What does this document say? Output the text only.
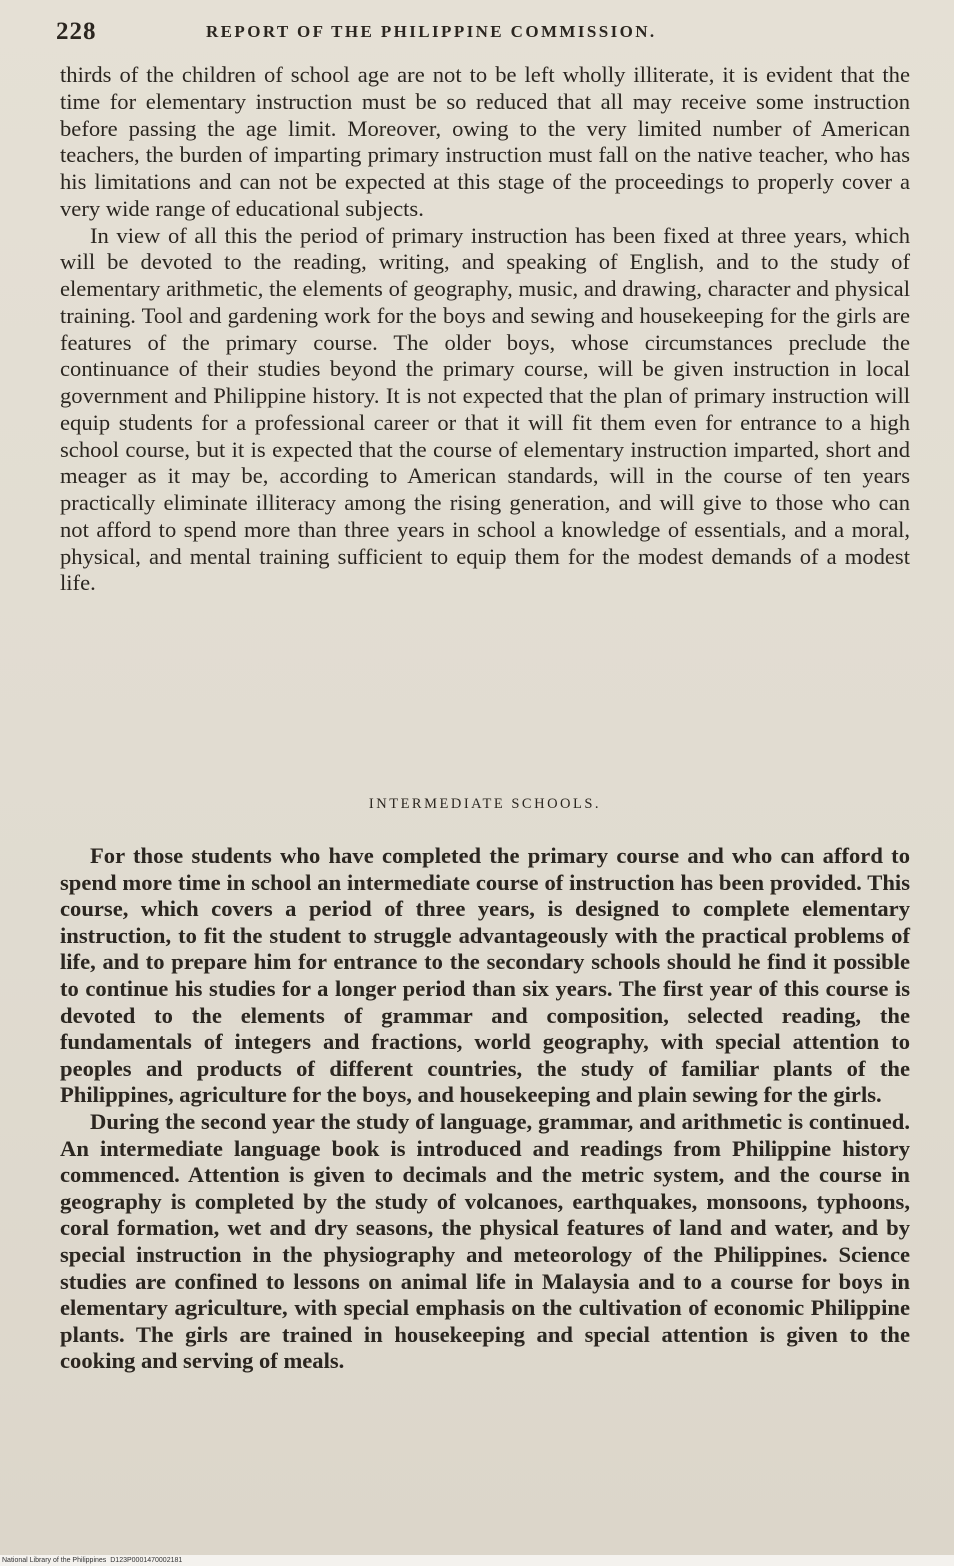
228	REPORT OF THE PHILIPPINE COMMISSION.

thirds of the children of school age are not to be left wholly illiterate, it is evident that the time for elementary instruction must be so reduced that all may receive some instruction before passing the age limit. Moreover, owing to the very limited number of American teachers, the burden of imparting primary instruction must fall on the native teacher, who has his limitations and can not be expected at this stage of the proceedings to properly cover a very wide range of educational subjects.

In view of all this the period of primary instruction has been fixed at three years, which will be devoted to the reading, writing, and speaking of English, and to the study of elementary arithmetic, the elements of geography, music, and drawing, character and physical training. Tool and gardening work for the boys and sewing and housekeeping for the girls are features of the primary course. The older boys, whose circumstances preclude the continuance of their studies beyond the primary course, will be given instruction in local government and Philippine history. It is not expected that the plan of primary instruction will equip students for a professional career or that it will fit them even for entrance to a high school course, but it is expected that the course of elementary instruction imparted, short and meager as it may be, according to American standards, will in the course of ten years practically eliminate illiteracy among the rising generation, and will give to those who can not afford to spend more than three years in school a knowledge of essentials, and a moral, physical, and mental training sufficient to equip them for the modest demands of a modest life.

INTERMEDIATE SCHOOLS.

For those students who have completed the primary course and who can afford to spend more time in school an intermediate course of instruction has been provided. This course, which covers a period of three years, is designed to complete elementary instruction, to fit the student to struggle advantageously with the practical problems of life, and to prepare him for entrance to the secondary schools should he find it possible to continue his studies for a longer period than six years. The first year of this course is devoted to the elements of grammar and composition, selected reading, the fundamentals of integers and fractions, world geography, with special attention to peoples and products of different countries, the study of familiar plants of the Philippines, agriculture for the boys, and housekeeping and plain sewing for the girls.

During the second year the study of language, grammar, and arithmetic is continued. An intermediate language book is introduced and readings from Philippine history commenced. Attention is given to decimals and the metric system, and the course in geography is completed by the study of volcanoes, earthquakes, monsoons, typhoons, coral formation, wet and dry seasons, the physical features of land and water, and by special instruction in the physiography and meteorology of the Philippines. Science studies are confined to lessons on animal life in Malaysia and to a course for boys in elementary agriculture, with special emphasis on the cultivation of economic Philippine plants. The girls are trained in housekeeping and special attention is given to the cooking and serving of meals.

National Library of the Philippines D123P0001470002181
